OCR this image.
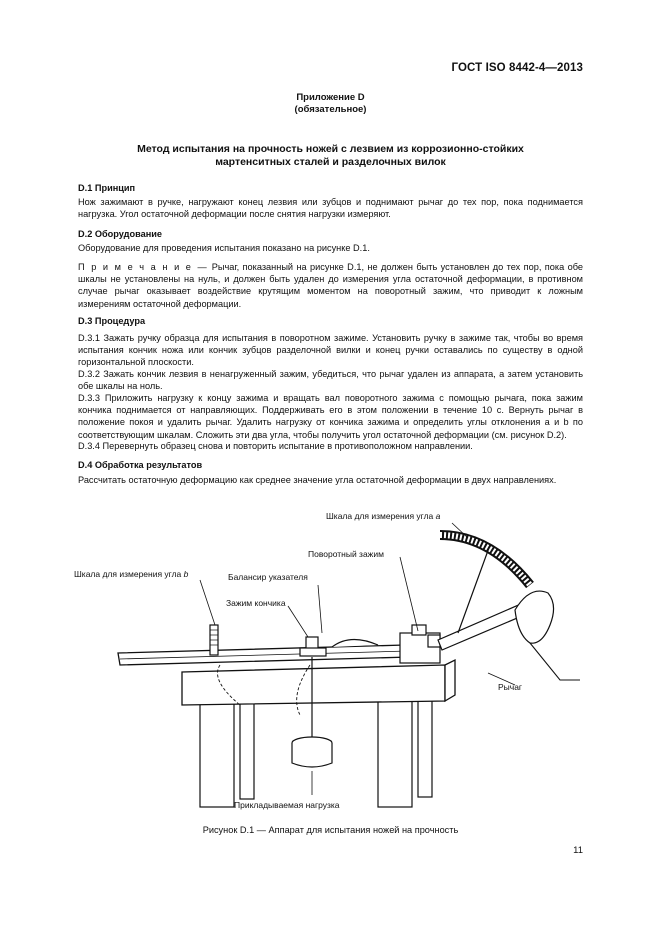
ГОСТ ISO 8442-4—2013
Приложение D
(обязательное)
Метод испытания на прочность ножей с лезвием из коррозионно-стойких
мартенситных сталей и разделочных вилок
D.1 Принцип
Нож зажимают в ручке, нагружают конец лезвия или зубцов и поднимают рычаг до тех пор, пока поднимается нагрузка. Угол остаточной деформации после снятия нагрузки измеряют.
D.2 Оборудование
Оборудование для проведения испытания показано на рисунке D.1.
П р и м е ч а н и е — Рычаг, показанный на рисунке D.1, не должен быть установлен до тех пор, пока обе шкалы не установлены на нуль, и должен быть удален до измерения угла остаточной деформации, в противном случае рычаг оказывает воздействие крутящим моментом на поворотный зажим, что приводит к ложным измерениям остаточной деформации.
D.3 Процедура
D.3.1 Зажать ручку образца для испытания в поворотном зажиме. Установить ручку в зажиме так, чтобы во время испытания кончик ножа или кончик зубцов разделочной вилки и конец ручки оставались по существу в одной горизонтальной плоскости.
D.3.2 Зажать кончик лезвия в ненагруженный зажим, убедиться, что рычаг удален из аппарата, а затем установить обе шкалы на ноль.
D.3.3 Приложить нагрузку к концу зажима и вращать вал поворотного зажима с помощью рычага, пока зажим кончика поднимается от направляющих. Поддерживать его в этом положении в течение 10 с. Вернуть рычаг в положение покоя и удалить рычаг. Удалить нагрузку от кончика зажима и определить углы отклонения a и b по соответствующим шкалам. Сложить эти два угла, чтобы получить угол остаточной деформации (см. рисунок D.2).
D.3.4 Перевернуть образец снова и повторить испытание в противоположном направлении.
D.4 Обработка результатов
Рассчитать остаточную деформацию как среднее значение угла остаточной деформации в двух направлениях.
Шкала для измерения угла a
Поворотный зажим
Шкала для измерения угла b	Балансир указателя
Зажим кончика
Рычаг
Прикладываемая нагрузка
Рисунок D.1 — Аппарат для испытания ножей на прочность
11
